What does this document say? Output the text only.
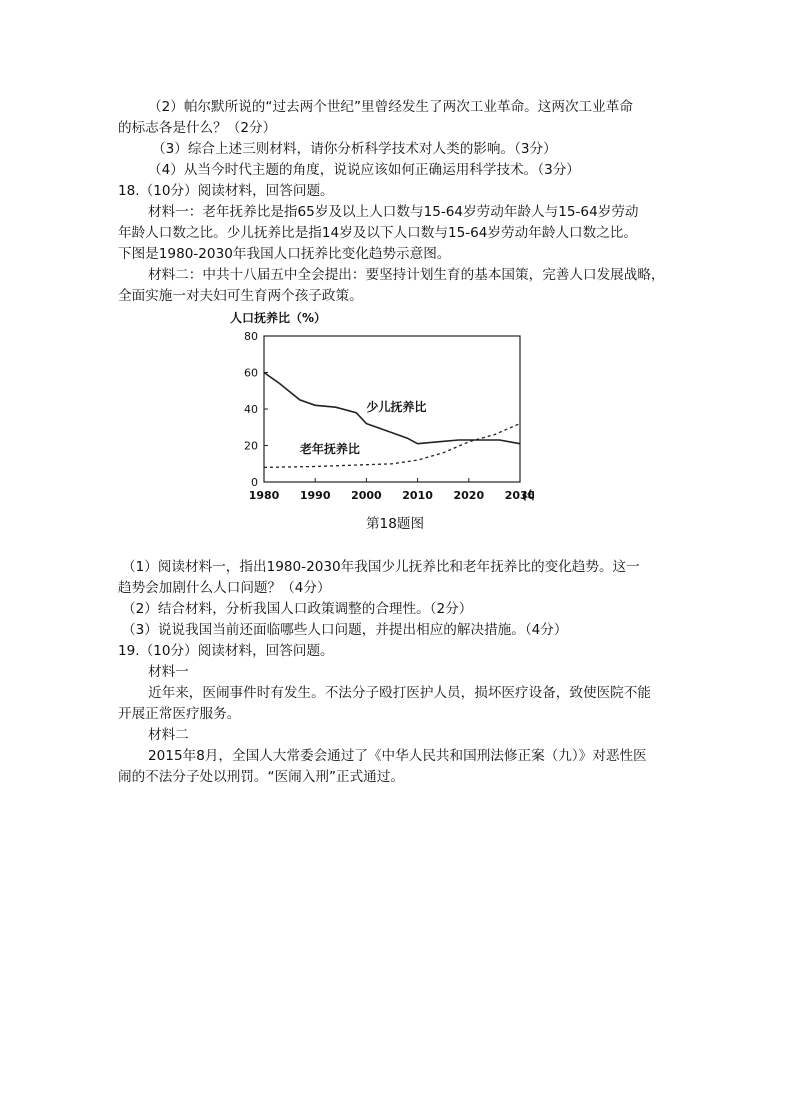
（2）帕尔默所说的“过去两个世纪”里曾经发生了两次工业革命。这两次工业革命
的标志各是什么？（2分）
（3）综合上述三则材料，请你分析科学技术对人类的影响。（3分）
（4）从当今时代主题的角度，说说应该如何正确运用科学技术。（3分）
18.（10分）阅读材料，回答问题。
材料一：老年抚养比是指65岁及以上人口数与15-64岁劳动年龄人与15-64岁劳动
年龄人口数之比。少儿抚养比是指14岁及以下人口数与15-64岁劳动年龄人口数之比。
下图是1980-2030年我国人口抚养比变化趋势示意图。
材料二：中共十八届五中全会提出：要坚持计划生育的基本国策，完善人口发展战略，
全面实施一对夫妇可生育两个孩子政策。
人口抚养比（%）
0
20
40
60
80
1980 1990 2000 2010 2020 2030
(年
少儿抚养比
老年抚养比
第18题图
（1）阅读材料一，指出1980-2030年我国少儿抚养比和老年抚养比的变化趋势。这一
趋势会加剧什么人口问题？（4分）
（2）结合材料，分析我国人口政策调整的合理性。（2分）
（3）说说我国当前还面临哪些人口问题，并提出相应的解决措施。（4分）
19.（10分）阅读材料，回答问题。
材料一
近年来，医闹事件时有发生。不法分子殴打医护人员，损坏医疗设备，致使医院不能
开展正常医疗服务。
材料二
2015年8月，全国人大常委会通过了《中华人民共和国刑法修正案（九）》对恶性医
闹的不法分子处以刑罚。“医闹入刑”正式通过。
